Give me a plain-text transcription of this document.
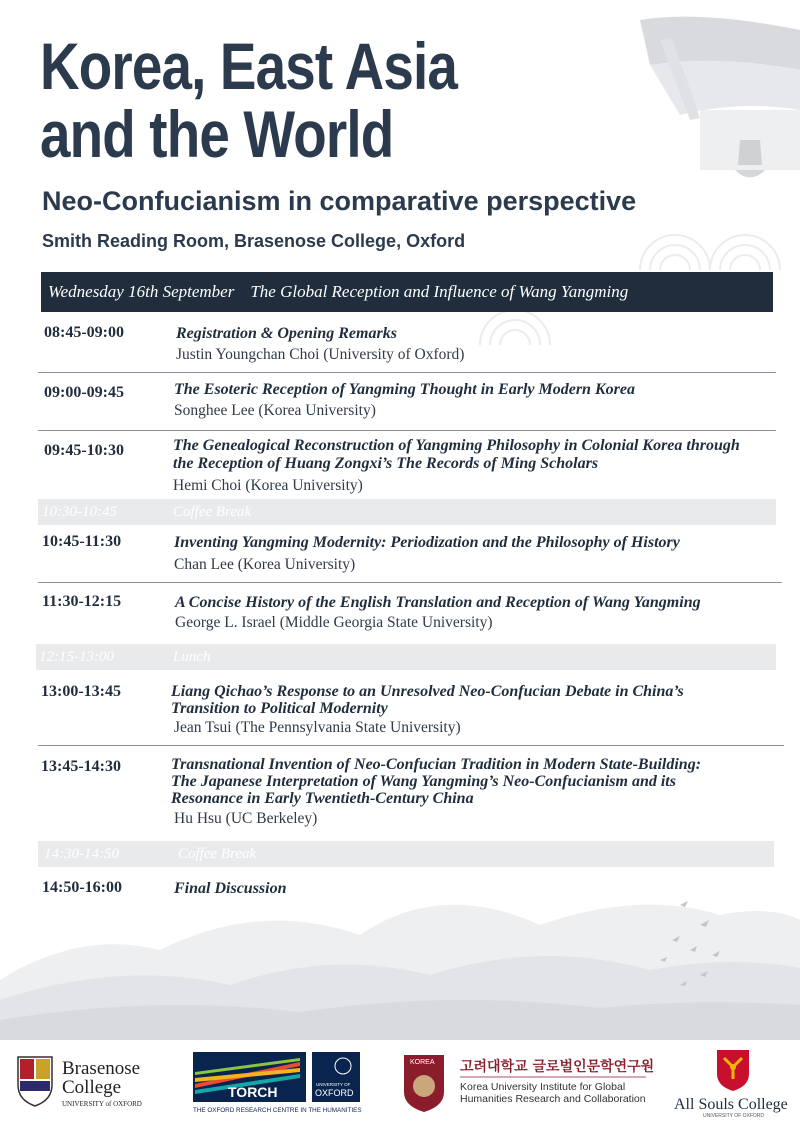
Korea, East Asia
and the World
Neo-Confucianism in comparative perspective

Smith Reading Room, Brasenose College, Oxford

Wednesday 16th September The Global Reception and Influence of Wang Yangming
08:45-09:00	Registration & Opening Remarks
Justin Youngchan Choi (University of Oxford)
09:00-09:45	The Esoteric Reception of Yangming Thought in Early Modern Korea
Songhee Lee (Korea University)
09:45-10:30	The Genealogical Reconstruction of Yangming Philosophy in Colonial Korea through
the Reception of Huang Zongxi’s The Records of Ming Scholars
Hemi Choi (Korea University)
10:30-10:45	Coffee Break
10:45-11:30	Inventing Yangming Modernity: Periodization and the Philosophy of History
Chan Lee (Korea University)
11:30-12:15	A Concise History of the English Translation and Reception of Wang Yangming
George L. Israel (Middle Georgia State University)
12:15-13:00	Lunch
13:00-13:45	Liang Qichao’s Response to an Unresolved Neo-Confucian Debate in China’s
Transition to Political Modernity
Jean Tsui (The Pennsylvania State University)
13:45-14:30	Transnational Invention of Neo-Confucian Tradition in Modern State-Building:
The Japanese Interpretation of Wang Yangming’s Neo-Confucianism and its
Resonance in Early Twentieth-Century China
Hu Hsu (UC Berkeley)
14:30-14:50	Coffee Break
14:50-16:00	Final Discussion
Brasenose
College
UNIVERSITY of OXFORD
TORCH
THE OXFORD RESEARCH CENTRE IN THE HUMANITIES
UNIVERSITY OF
OXFORD
KOREA 고려대학교 글로벌인문학연구원
Korea University Institute for Global
Humanities Research and Collaboration All Souls College
UNIVERSITY OF OXFORD
